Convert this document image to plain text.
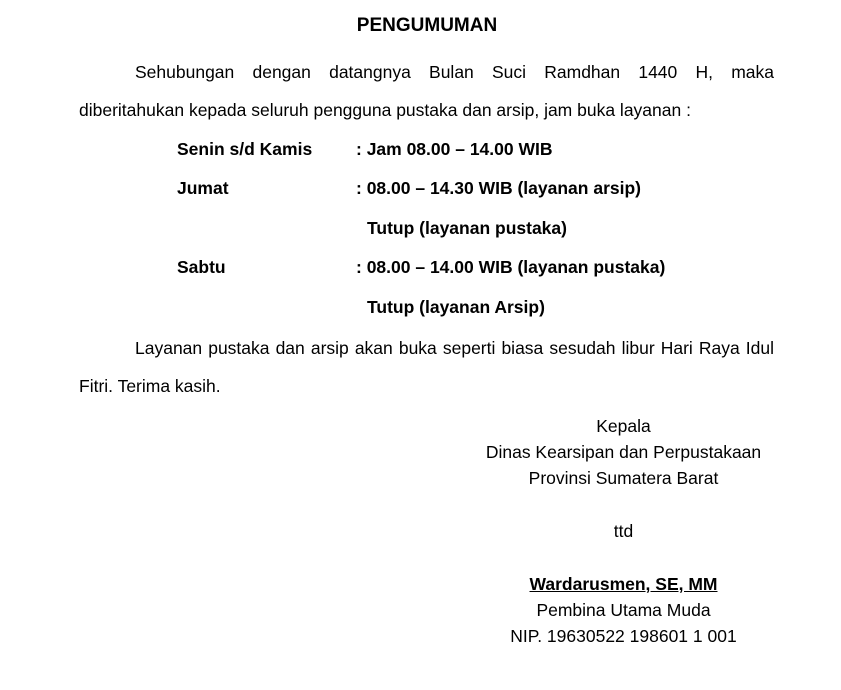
PENGUMUMAN
Sehubungan dengan datangnya Bulan Suci Ramdhan 1440 H, maka diberitahukan kepada seluruh pengguna pustaka dan arsip, jam buka layanan :
Senin s/d Kamis	: Jam 08.00 – 14.00 WIB
Jumat	: 08.00 – 14.30 WIB (layanan arsip)
Tutup (layanan pustaka)
Sabtu	: 08.00 – 14.00 WIB (layanan pustaka)
Tutup (layanan Arsip)
Layanan pustaka dan arsip akan buka seperti biasa sesudah libur Hari Raya Idul Fitri. Terima kasih.
Kepala
Dinas Kearsipan dan Perpustakaan
Provinsi Sumatera Barat
ttd
Wardarusmen, SE, MM
Pembina Utama Muda
NIP. 19630522 198601 1 001
